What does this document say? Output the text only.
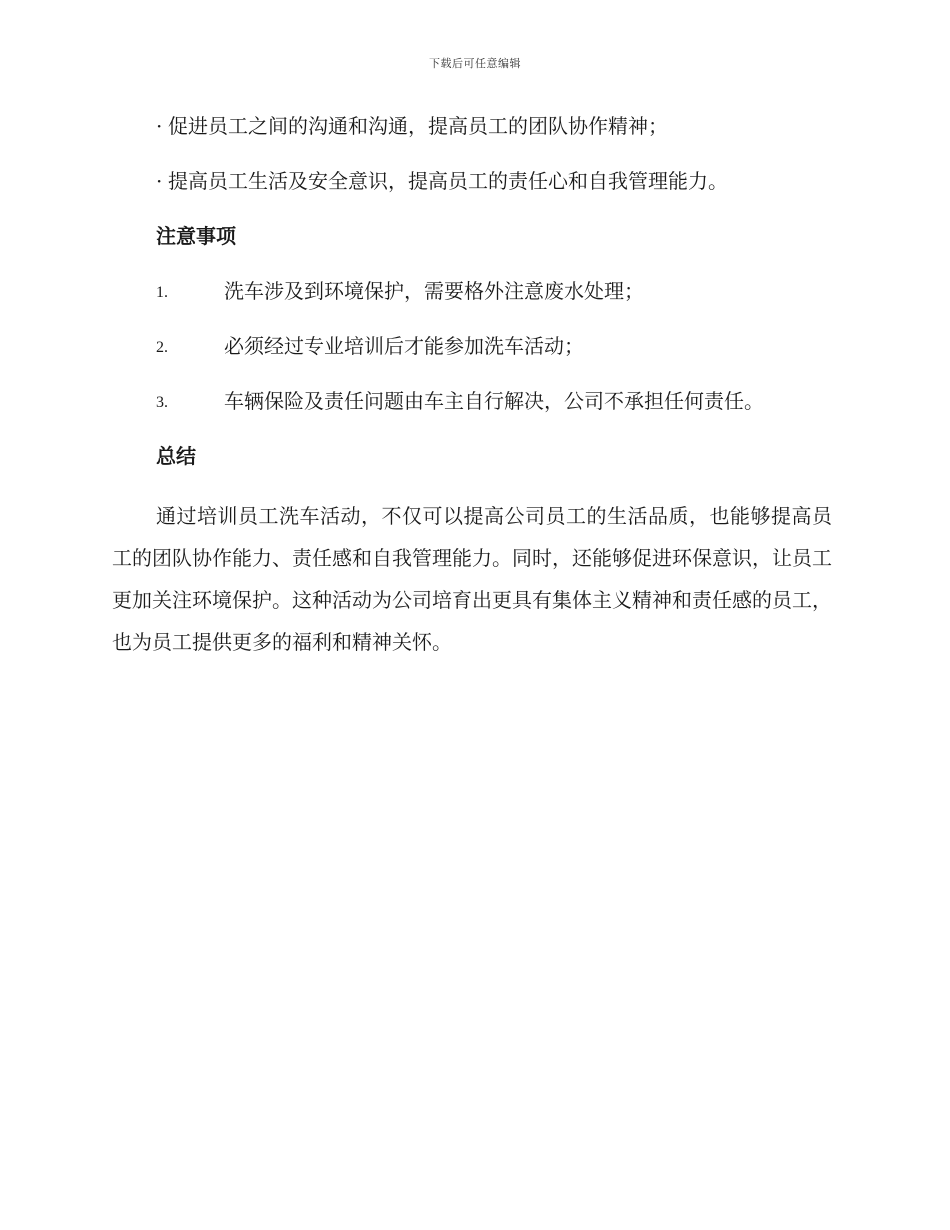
下载后可任意编辑
· 促进员工之间的沟通和沟通，提高员工的团队协作精神；
· 提高员工生活及安全意识，提高员工的责任心和自我管理能力。
注意事项
1.	洗车涉及到环境保护，需要格外注意废水处理；
2.	必须经过专业培训后才能参加洗车活动；
3.	车辆保险及责任问题由车主自行解决，公司不承担任何责任。
总结

通过培训员工洗车活动，不仅可以提高公司员工的生活品质，也能够提高员工的团队协作能力、责任感和自我管理能力。同时，还能够促进环保意识，让员工更加关注环境保护。这种活动为公司培育出更具有集体主义精神和责任感的员工，也为员工提供更多的福利和精神关怀。
